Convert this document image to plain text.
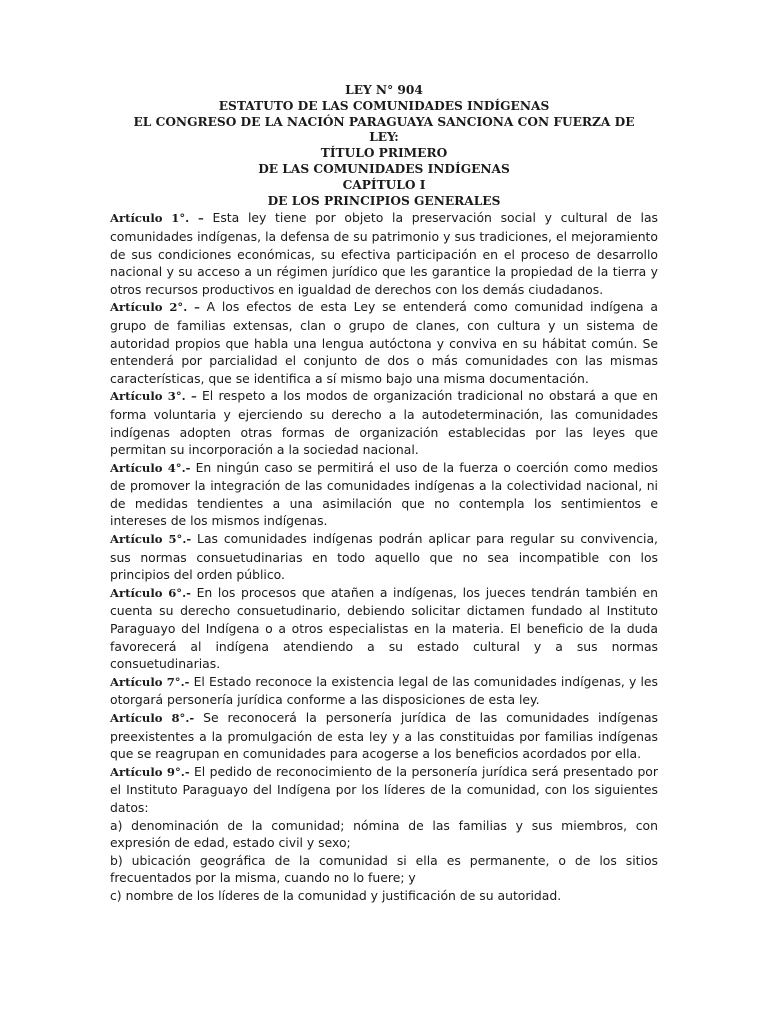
LEY N° 904
ESTATUTO DE LAS COMUNIDADES INDÍGENAS
EL CONGRESO DE LA NACIÓN PARAGUAYA SANCIONA CON FUERZA DE
LEY:
TÍTULO PRIMERO
DE LAS COMUNIDADES INDÍGENAS
CAPÍTULO I
DE LOS PRINCIPIOS GENERALES

Artículo 1°. – Esta ley tiene por objeto la preservación social y cultural de las comunidades indígenas, la defensa de su patrimonio y sus tradiciones, el mejoramiento de sus condiciones económicas, su efectiva participación en el proceso de desarrollo nacional y su acceso a un régimen jurídico que les garantice la propiedad de la tierra y otros recursos productivos en igualdad de derechos con los demás ciudadanos.

Artículo 2°. – A los efectos de esta Ley se entenderá como comunidad indígena a grupo de familias extensas, clan o grupo de clanes, con cultura y un sistema de autoridad propios que habla una lengua autóctona y conviva en su hábitat común. Se entenderá por parcialidad el conjunto de dos o más comunidades con las mismas características, que se identifica a sí mismo bajo una misma documentación.

Artículo 3°. – El respeto a los modos de organización tradicional no obstará a que en forma voluntaria y ejerciendo su derecho a la autodeterminación, las comunidades indígenas adopten otras formas de organización establecidas por las leyes que permitan su incorporación a la sociedad nacional.

Artículo 4°.- En ningún caso se permitirá el uso de la fuerza o coerción como medios de promover la integración de las comunidades indígenas a la colectividad nacional, ni de medidas tendientes a una asimilación que no contempla los sentimientos e intereses de los mismos indígenas.

Artículo 5°.- Las comunidades indígenas podrán aplicar para regular su convivencia, sus normas consuetudinarias en todo aquello que no sea incompatible con los principios del orden público.

Artículo 6°.- En los procesos que atañen a indígenas, los jueces tendrán también en cuenta su derecho consuetudinario, debiendo solicitar dictamen fundado al Instituto Paraguayo del Indígena o a otros especialistas en la materia. El beneficio de la duda favorecerá al indígena atendiendo a su estado cultural y a sus normas consuetudinarias.

Artículo 7°.- El Estado reconoce la existencia legal de las comunidades indígenas, y les otorgará personería jurídica conforme a las disposiciones de esta ley.

Artículo 8°.- Se reconocerá la personería jurídica de las comunidades indígenas preexistentes a la promulgación de esta ley y a las constituidas por familias indígenas que se reagrupan en comunidades para acogerse a los beneficios acordados por ella.

Artículo 9°.- El pedido de reconocimiento de la personería jurídica será presentado por el Instituto Paraguayo del Indígena por los líderes de la comunidad, con los siguientes datos:

a) denominación de la comunidad; nómina de las familias y sus miembros, con expresión de edad, estado civil y sexo;

b) ubicación geográfica de la comunidad si ella es permanente, o de los sitios frecuentados por la misma, cuando no lo fuere; y

c) nombre de los líderes de la comunidad y justificación de su autoridad.
